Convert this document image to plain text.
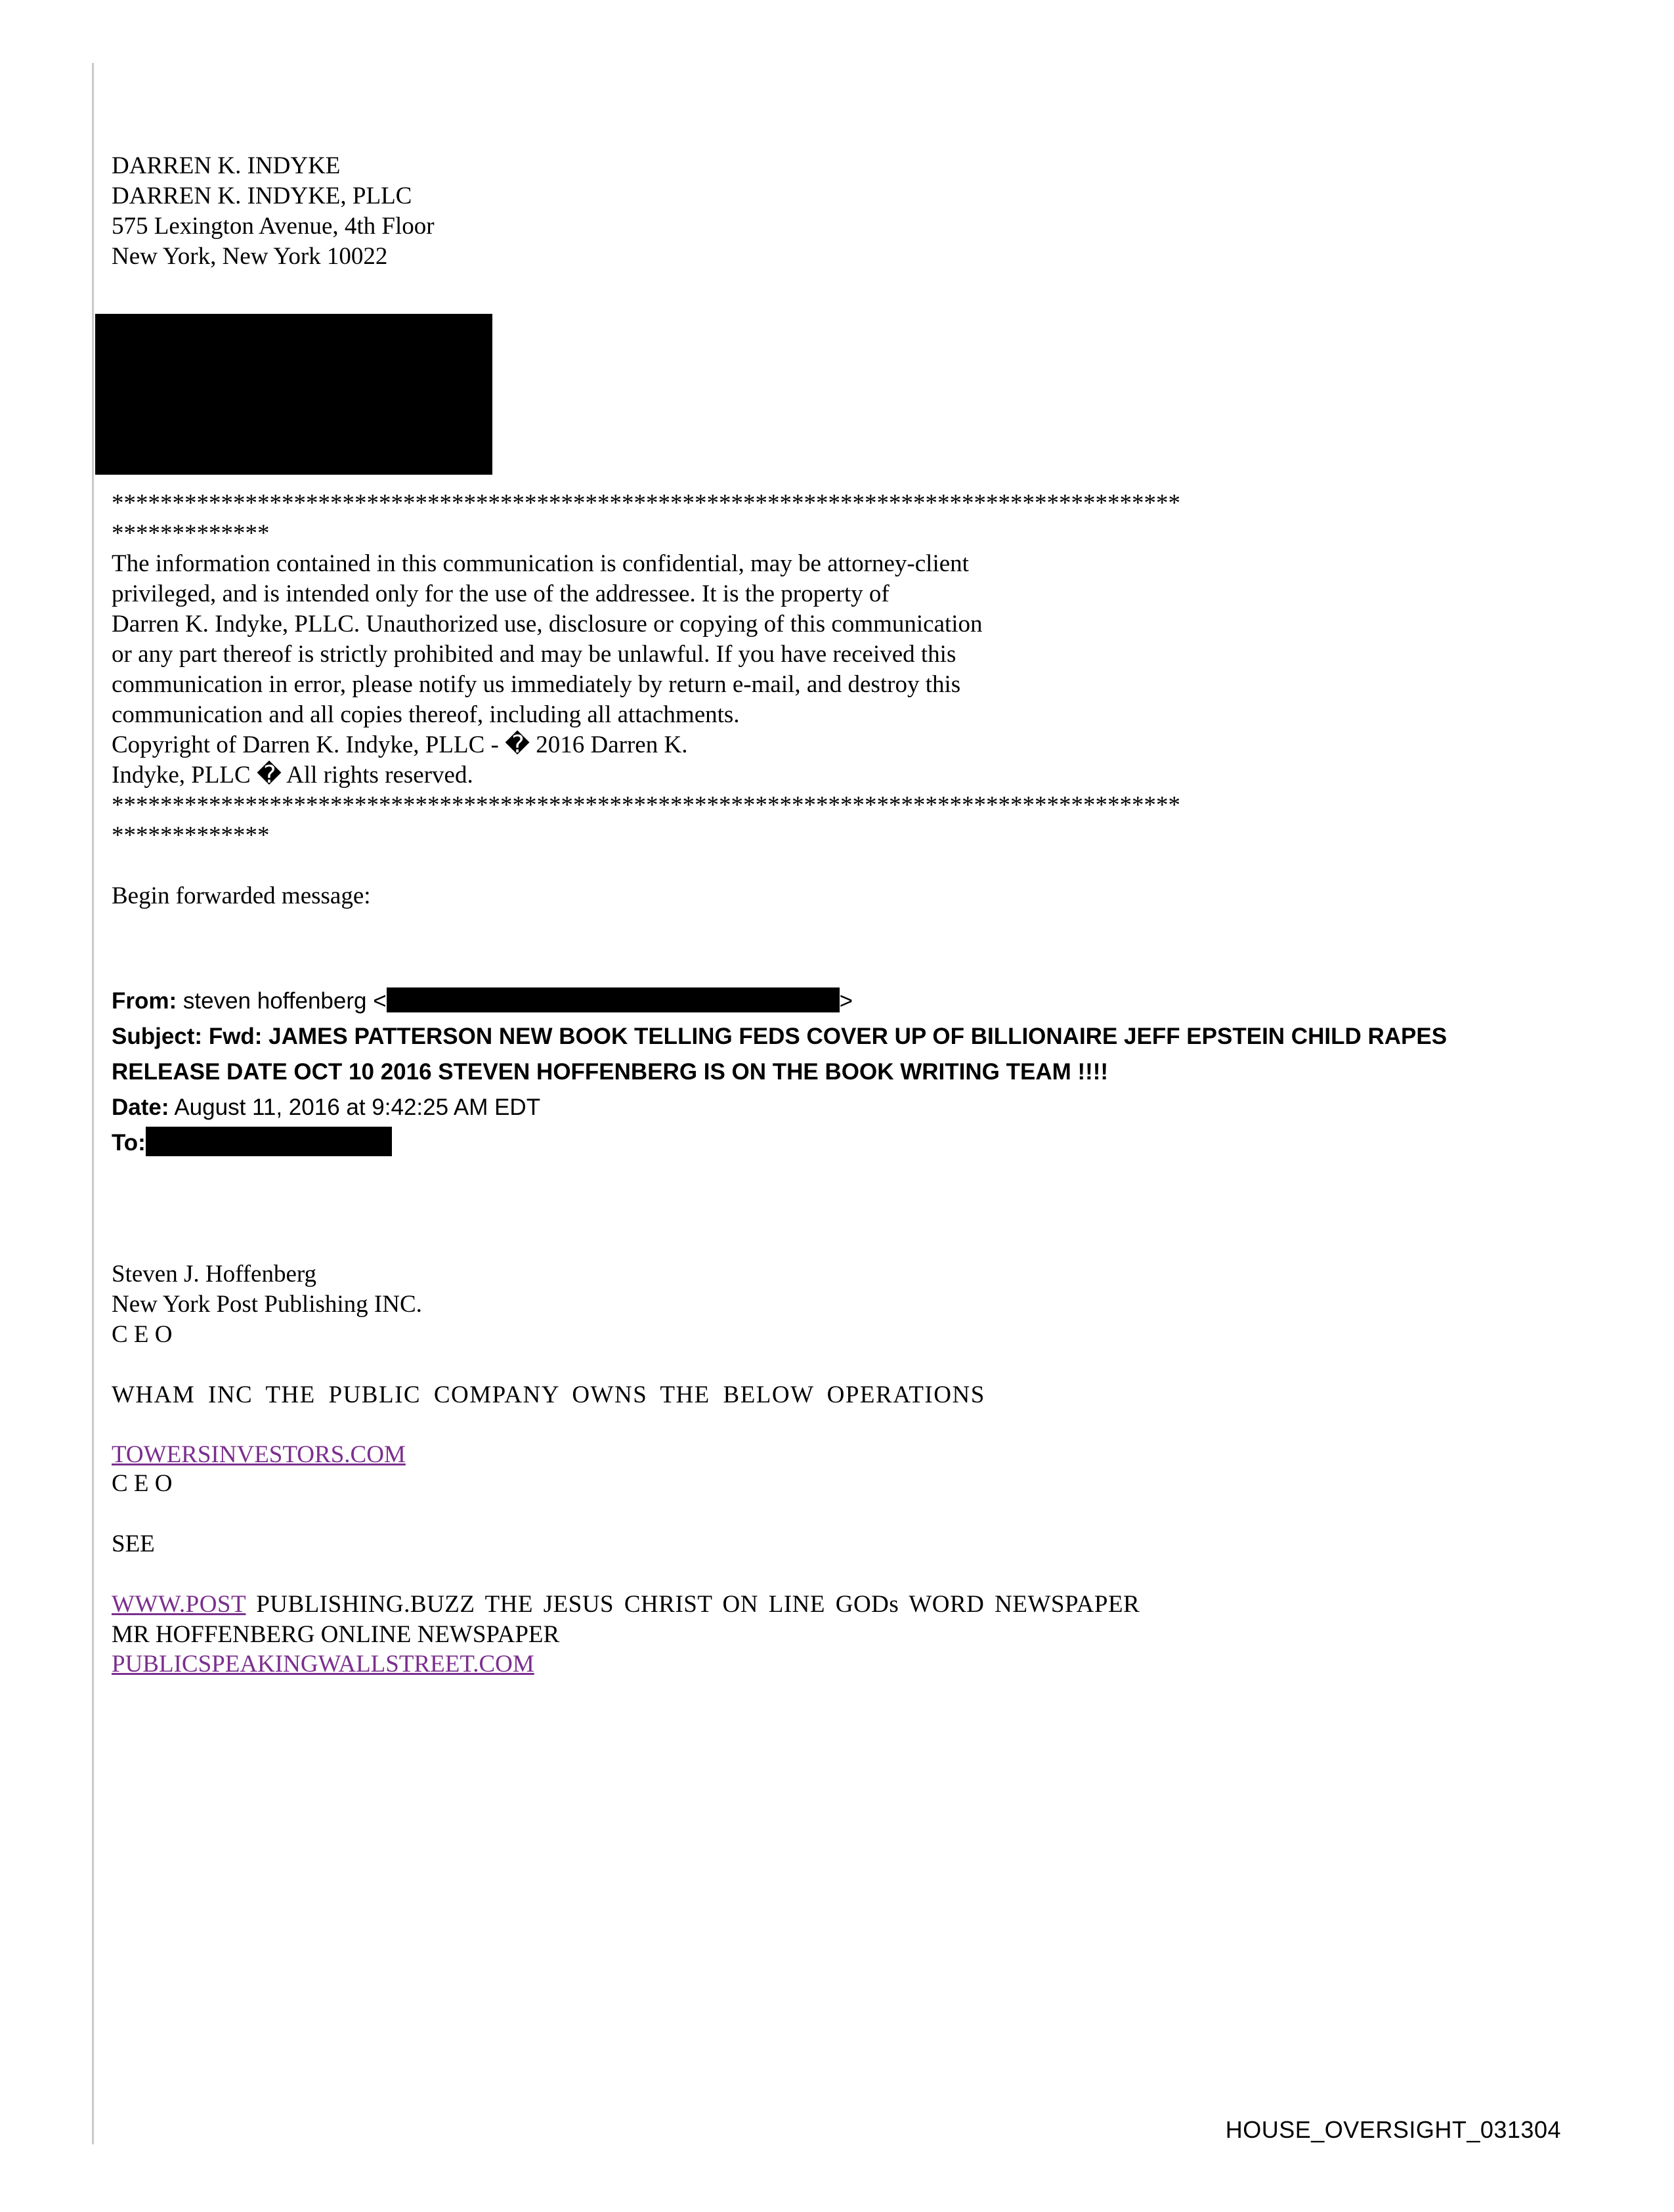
DARREN K. INDYKE
DARREN K. INDYKE, PLLC
575 Lexington Avenue, 4th Floor
New York, New York 10022
****************************************************************************************
*************
The information contained in this communication is confidential, may be attorney-client
privileged, and is intended only for the use of the addressee. It is the property of
Darren K. Indyke, PLLC. Unauthorized use, disclosure or copying of this communication
or any part thereof is strictly prohibited and may be unlawful. If you have received this
communication in error, please notify us immediately by return e-mail, and destroy this
communication and all copies thereof, including all attachments.
Copyright of Darren K. Indyke, PLLC - � 2016 Darren K.
Indyke, PLLC � All rights reserved.
****************************************************************************************
*************
Begin forwarded message:
From: steven hoffenberg <	>
Subject: Fwd: JAMES PATTERSON NEW BOOK TELLING FEDS COVER UP OF BILLIONAIRE JEFF EPSTEIN CHILD RAPES RELEASE DATE OCT 10 2016 STEVEN HOFFENBERG IS ON THE BOOK WRITING TEAM !!!!
Date: August 11, 2016 at 9:42:25 AM EDT
To:
Steven J. Hoffenberg
New York Post Publishing INC.
C E O
WHAM INC THE PUBLIC COMPANY OWNS THE BELOW OPERATIONS
TOWERSINVESTORS.COM
C E O
SEE
WWW.POST PUBLISHING.BUZZ THE JESUS CHRIST ON LINE GODs WORD NEWSPAPER
MR HOFFENBERG ONLINE NEWSPAPER
PUBLICSPEAKINGWALLSTREET.COM
HOUSE_OVERSIGHT_031304
